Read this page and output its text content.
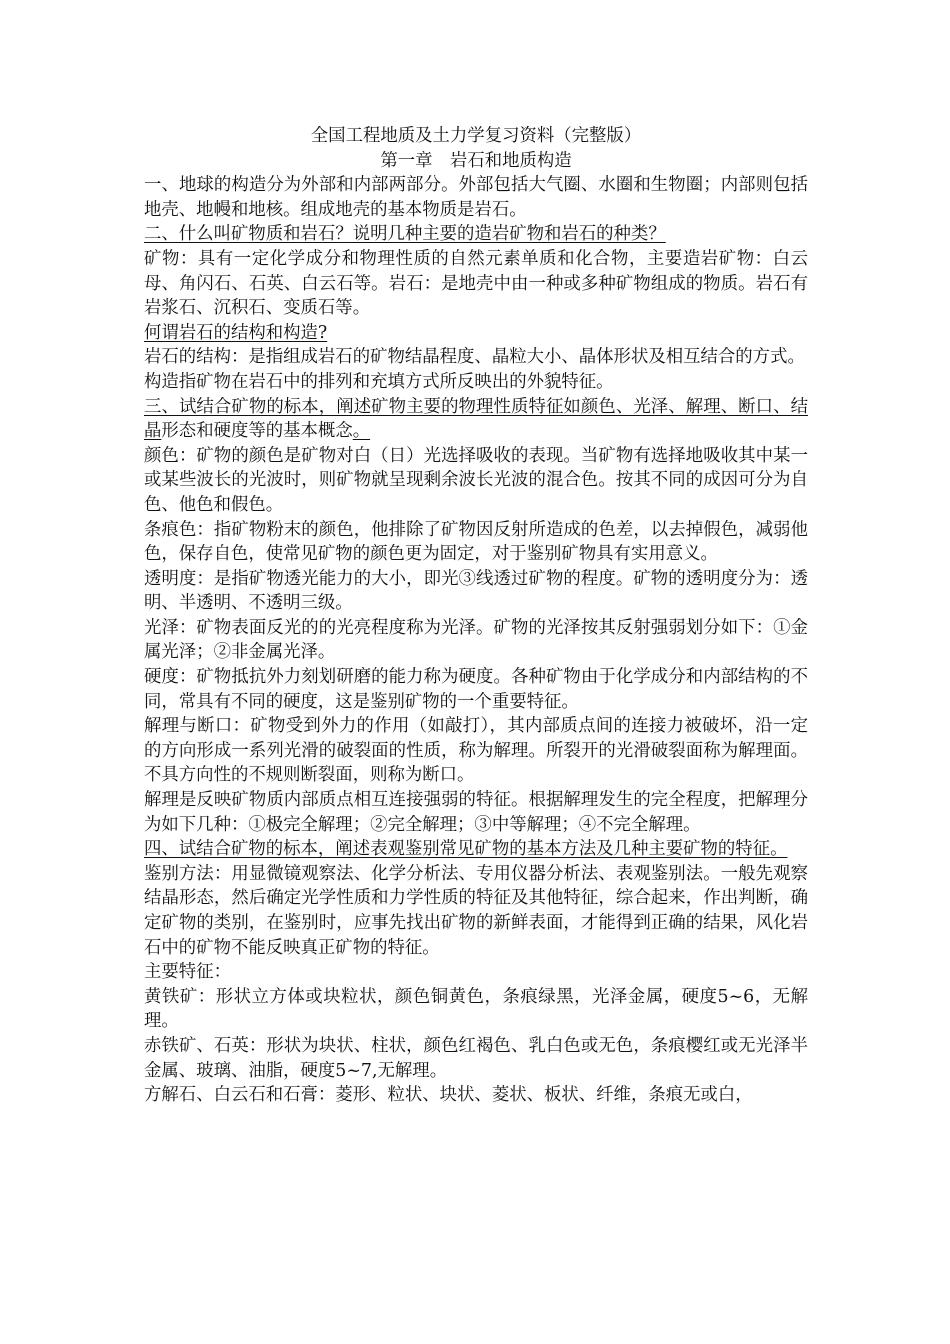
全国工程地质及土力学复习资料（完整版）

第一章　岩石和地质构造

一、地球的构造分为外部和内部两部分。外部包括大气圈、水圈和生物圈；内部则包括地壳、地幔和地核。组成地壳的基本物质是岩石。

二、什么叫矿物质和岩石？说明几种主要的造岩矿物和岩石的种类？

矿物：具有一定化学成分和物理性质的自然元素单质和化合物，主要造岩矿物：白云母、角闪石、石英、白云石等。岩石：是地壳中由一种或多种矿物组成的物质。岩石有岩浆石、沉积石、变质石等。

何谓岩石的结构和构造?

岩石的结构：是指组成岩石的矿物结晶程度、晶粒大小、晶体形状及相互结合的方式。

构造指矿物在岩石中的排列和充填方式所反映出的外貌特征。

三、试结合矿物的标本，阐述矿物主要的物理性质特征如颜色、光泽、解理、断口、结晶形态和硬度等的基本概念。

颜色：矿物的颜色是矿物对白（日）光选择吸收的表现。当矿物有选择地吸收其中某一或某些波长的光波时，则矿物就呈现剩余波长光波的混合色。按其不同的成因可分为自色、他色和假色。

条痕色：指矿物粉末的颜色，他排除了矿物因反射所造成的色差，以去掉假色，减弱他色，保存自色，使常见矿物的颜色更为固定，对于鉴别矿物具有实用意义。

透明度：是指矿物透光能力的大小，即光③线透过矿物的程度。矿物的透明度分为：透明、半透明、不透明三级。

光泽：矿物表面反光的的光亮程度称为光泽。矿物的光泽按其反射强弱划分如下：①金属光泽；②非金属光泽。

硬度：矿物抵抗外力刻划研磨的能力称为硬度。各种矿物由于化学成分和内部结构的不同，常具有不同的硬度，这是鉴别矿物的一个重要特征。

解理与断口：矿物受到外力的作用（如敲打），其内部质点间的连接力被破坏，沿一定的方向形成一系列光滑的破裂面的性质，称为解理。所裂开的光滑破裂面称为解理面。不具方向性的不规则断裂面，则称为断口。

解理是反映矿物质内部质点相互连接强弱的特征。根据解理发生的完全程度，把解理分为如下几种：①极完全解理；②完全解理；③中等解理；④不完全解理。

四、试结合矿物的标本，阐述表观鉴别常见矿物的基本方法及几种主要矿物的特征。

鉴别方法：用显微镜观察法、化学分析法、专用仪器分析法、表观鉴别法。一般先观察结晶形态，然后确定光学性质和力学性质的特征及其他特征，综合起来，作出判断，确定矿物的类别，在鉴别时，应事先找出矿物的新鲜表面，才能得到正确的结果，风化岩石中的矿物不能反映真正矿物的特征。

主要特征：

黄铁矿：形状立方体或块粒状，颜色铜黄色，条痕绿黑，光泽金属，硬度5~6，无解理。

赤铁矿、石英：形状为块状、柱状，颜色红褐色、乳白色或无色，条痕樱红或无光泽半金属、玻璃、油脂，硬度5~7,无解理。

方解石、白云石和石膏：菱形、粒状、块状、菱状、板状、纤维，条痕无或白，
